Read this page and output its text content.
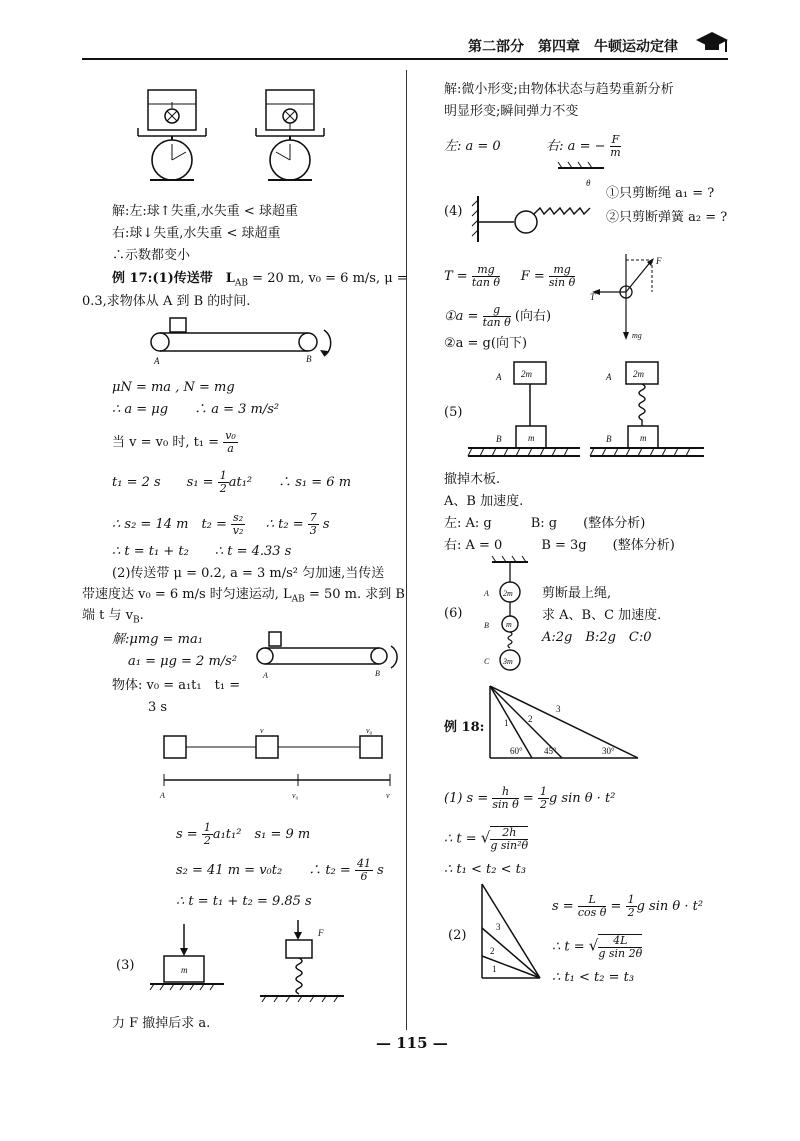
第二部分　第四章　牛顿运动定律
解:左:球↑失重,水失重 < 球超重
右:球↓失重,水失重 < 球超重
∴示数都变小
例 17:(1)传送带　$L_{AB} = 20$ m, v₀ = 6 m/s, μ =
0.3,求物体从 A 到 B 的时间.
A	B
μN = ma , N = mg
∴ a = μg　　∴ a = 3 m/s²
当 v = v₀ 时, $t_1 = \frac{\text{v₀}}{a}$
t₁ = 2 s　　$s_1 = \frac{1}{2} at_1^2$　　∴ s₁ = 6 m
∴ s₂ = 14 m　$t_2 = \frac{\text{s₂}}{\text{v₂}}$ ∴ $t_2 = \frac{7}{3}$ s
∴ t = t₁ + t₂　　∴ t = 4.33 s
(2)传送带 μ = 0.2, a = 3 m/s² 匀加速,当传送
带速度达 v₀ = 6 m/s 时匀速运动, $L_{AB} = 50$ m. 求到 B
端 t 与 $v_B$.
解:μmg = ma₁
a₁ = μg = 2 m/s²
物体: v₀ = a₁t₁　t₁ =
3 s
A	B
v	v₀
A	v₀	v
$s = \frac{1}{2} a_1t_1^2$　s₁ = 9 m
s₂ = 41 m = v₀t₂　　∴ $t_2 = \frac{41}{6}$ s
∴ t = t₁ + t₂ = 9.85 s
(3)	m
F
力 F 撤掉后求 a.
解:微小形变;由物体状态与趋势重新分析
明显形变;瞬间弹力不变
左: a = 0	右: a = − $\frac{F}{m}$
(4)
θ
①只剪断绳 a₁ = ?
②只剪断弹簧 a₂ = ?
$T = \frac{mg}{\text{tan θ}}$ $F = \frac{mg}{\text{sin θ}}$
F
T
mg
①a = $\frac{g}{\text{tan θ}}$ (向右)
②a = g(向下)
(5)
2m
A
m
B
2m
A
m
B
撤掉木板.
A、B 加速度.
左: A: g　　　B: g　　(整体分析)
右: A = 0　　　B = 3g　　(整体分析)
(6)
2m
A
m
B
3m
C
剪断最上绳,
求 A、B、C 加速度.
A:2g　B:2g　C:0
例 18: 1 2
3
60° 45°	30°
(1) $s = \frac{h}{\text{sin θ}} = \frac{1}{2}$ g sin θ · t²
∴ t = √ $\frac{2h}{\text{g sin²θ}}$
∴ t₁ < t₂ < t₃
(2)
3
2
1
$s = \frac{L}{\text{cos θ}} = \frac{1}{2}$ g sin θ · t²
∴ t = √ $\frac{4L}{\text{g sin 2θ}}$
∴ t₁ < t₂ = t₃
— 115 —
